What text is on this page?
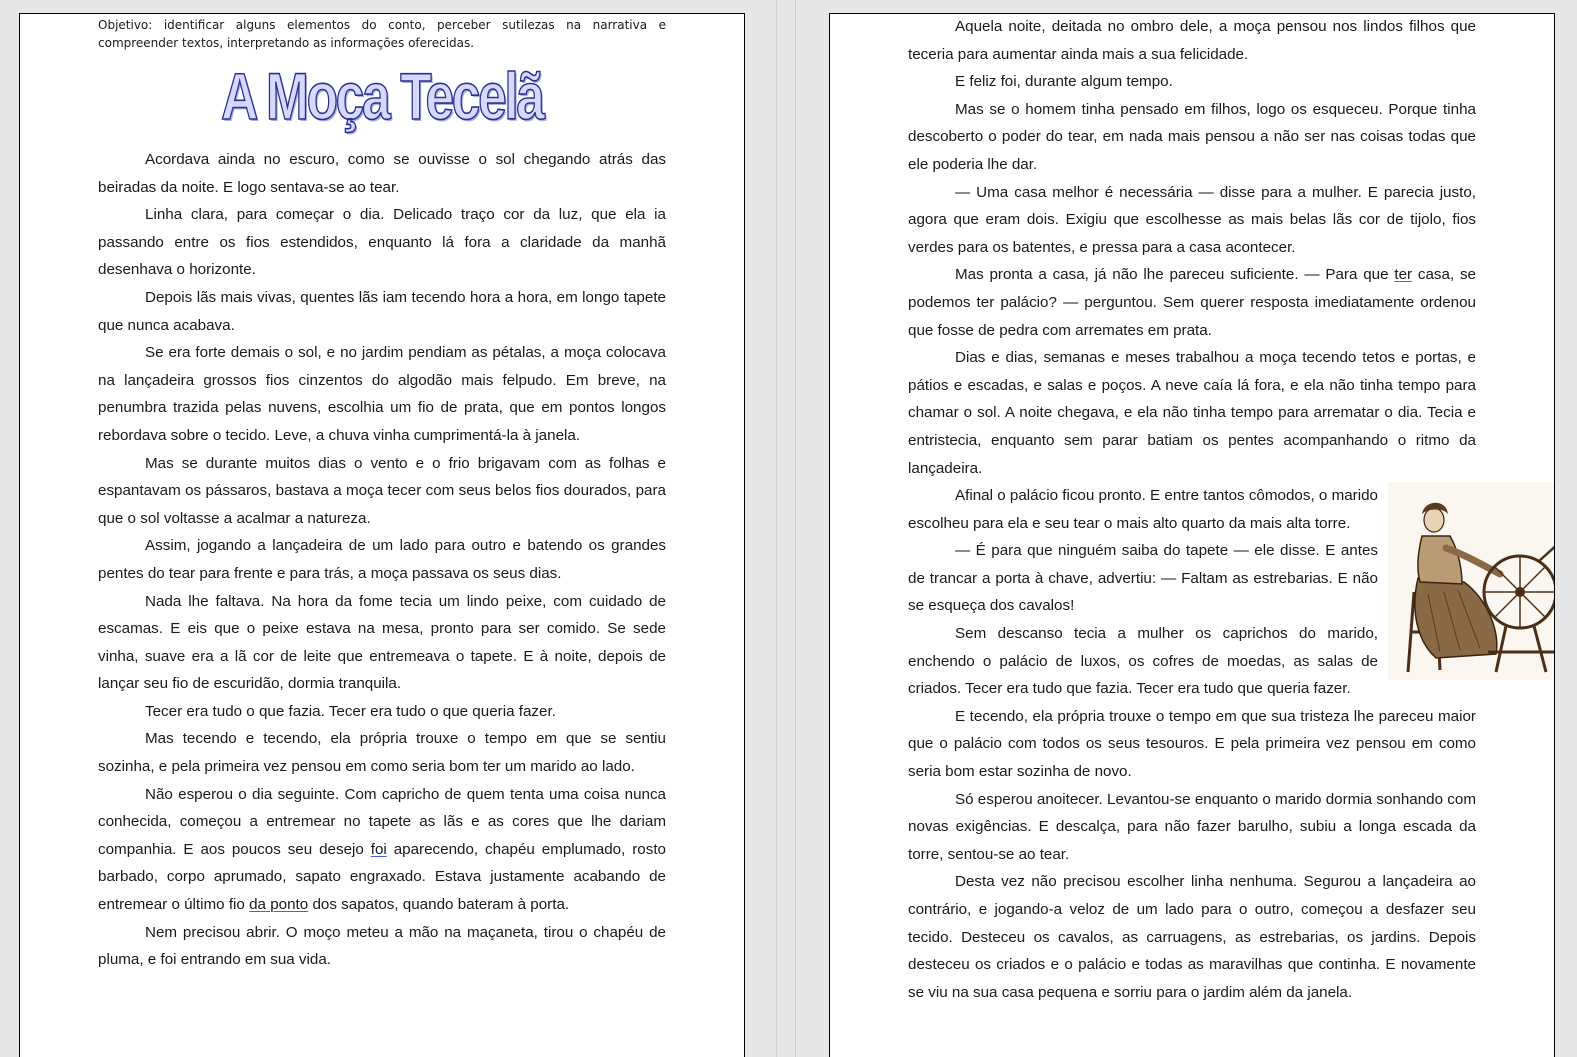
Objetivo: identificar alguns elementos do conto, perceber sutilezas na narrativa e compreender textos, interpretando as informações oferecidas.
A Moça Tecelã

Acordava ainda no escuro, como se ouvisse o sol chegando atrás das beiradas da noite. E logo sentava-se ao tear.

Linha clara, para começar o dia. Delicado traço cor da luz, que ela ia passando entre os fios estendidos, enquanto lá fora a claridade da manhã desenhava o horizonte.

Depois lãs mais vivas, quentes lãs iam tecendo hora a hora, em longo tapete que nunca acabava.

Se era forte demais o sol, e no jardim pendiam as pétalas, a moça colocava na lançadeira grossos fios cinzentos do algodão mais felpudo. Em breve, na penumbra trazida pelas nuvens, escolhia um fio de prata, que em pontos longos rebordava sobre o tecido. Leve, a chuva vinha cumprimentá-la à janela.

Mas se durante muitos dias o vento e o frio brigavam com as folhas e espantavam os pássaros, bastava a moça tecer com seus belos fios dourados, para que o sol voltasse a acalmar a natureza.

Assim, jogando a lançadeira de um lado para outro e batendo os grandes pentes do tear para frente e para trás, a moça passava os seus dias.

Nada lhe faltava. Na hora da fome tecia um lindo peixe, com cuidado de escamas. E eis que o peixe estava na mesa, pronto para ser comido. Se sede vinha, suave era a lã cor de leite que entremeava o tapete. E à noite, depois de lançar seu fio de escuridão, dormia tranquila.

Tecer era tudo o que fazia. Tecer era tudo o que queria fazer.

Mas tecendo e tecendo, ela própria trouxe o tempo em que se sentiu sozinha, e pela primeira vez pensou em como seria bom ter um marido ao lado.

Não esperou o dia seguinte. Com capricho de quem tenta uma coisa nunca conhecida, começou a entremear no tapete as lãs e as cores que lhe dariam companhia. E aos poucos seu desejo foi aparecendo, chapéu emplumado, rosto barbado, corpo aprumado, sapato engraxado. Estava justamente acabando de entremear o último fio da ponto dos sapatos, quando bateram à porta.

Nem precisou abrir. O moço meteu a mão na maçaneta, tirou o chapéu de pluma, e foi entrando em sua vida.

Aquela noite, deitada no ombro dele, a moça pensou nos lindos filhos que teceria para aumentar ainda mais a sua felicidade.

E feliz foi, durante algum tempo.

Mas se o homem tinha pensado em filhos, logo os esqueceu. Porque tinha descoberto o poder do tear, em nada mais pensou a não ser nas coisas todas que ele poderia lhe dar.

— Uma casa melhor é necessária — disse para a mulher. E parecia justo, agora que eram dois. Exigiu que escolhesse as mais belas lãs cor de tijolo, fios verdes para os batentes, e pressa para a casa acontecer.

Mas pronta a casa, já não lhe pareceu suficiente. — Para que ter casa, se podemos ter palácio? — perguntou. Sem querer resposta imediatamente ordenou que fosse de pedra com arremates em prata.

Dias e dias, semanas e meses trabalhou a moça tecendo tetos e portas, e pátios e escadas, e salas e poços. A neve caía lá fora, e ela não tinha tempo para chamar o sol. A noite chegava, e ela não tinha tempo para arrematar o dia. Tecia e entristecia, enquanto sem parar batiam os pentes acompanhando o ritmo da lançadeira.

Afinal o palácio ficou pronto. E entre tantos cômodos, o marido escolheu para ela e seu tear o mais alto quarto da mais alta torre.

— É para que ninguém saiba do tapete — ele disse. E antes de trancar a porta à chave, advertiu: — Faltam as estrebarias. E não se esqueça dos cavalos!

Sem descanso tecia a mulher os caprichos do marido, enchendo o palácio de luxos, os cofres de moedas, as salas de criados. Tecer era tudo que fazia. Tecer era tudo que queria fazer.

E tecendo, ela própria trouxe o tempo em que sua tristeza lhe pareceu maior que o palácio com todos os seus tesouros. E pela primeira vez pensou em como seria bom estar sozinha de novo.

Só esperou anoitecer. Levantou-se enquanto o marido dormia sonhando com novas exigências. E descalça, para não fazer barulho, subiu a longa escada da torre, sentou-se ao tear.

Desta vez não precisou escolher linha nenhuma. Segurou a lançadeira ao contrário, e jogando-a veloz de um lado para o outro, começou a desfazer seu tecido. Desteceu os cavalos, as carruagens, as estrebarias, os jardins. Depois desteceu os criados e o palácio e todas as maravilhas que continha. E novamente se viu na sua casa pequena e sorriu para o jardim além da janela.
